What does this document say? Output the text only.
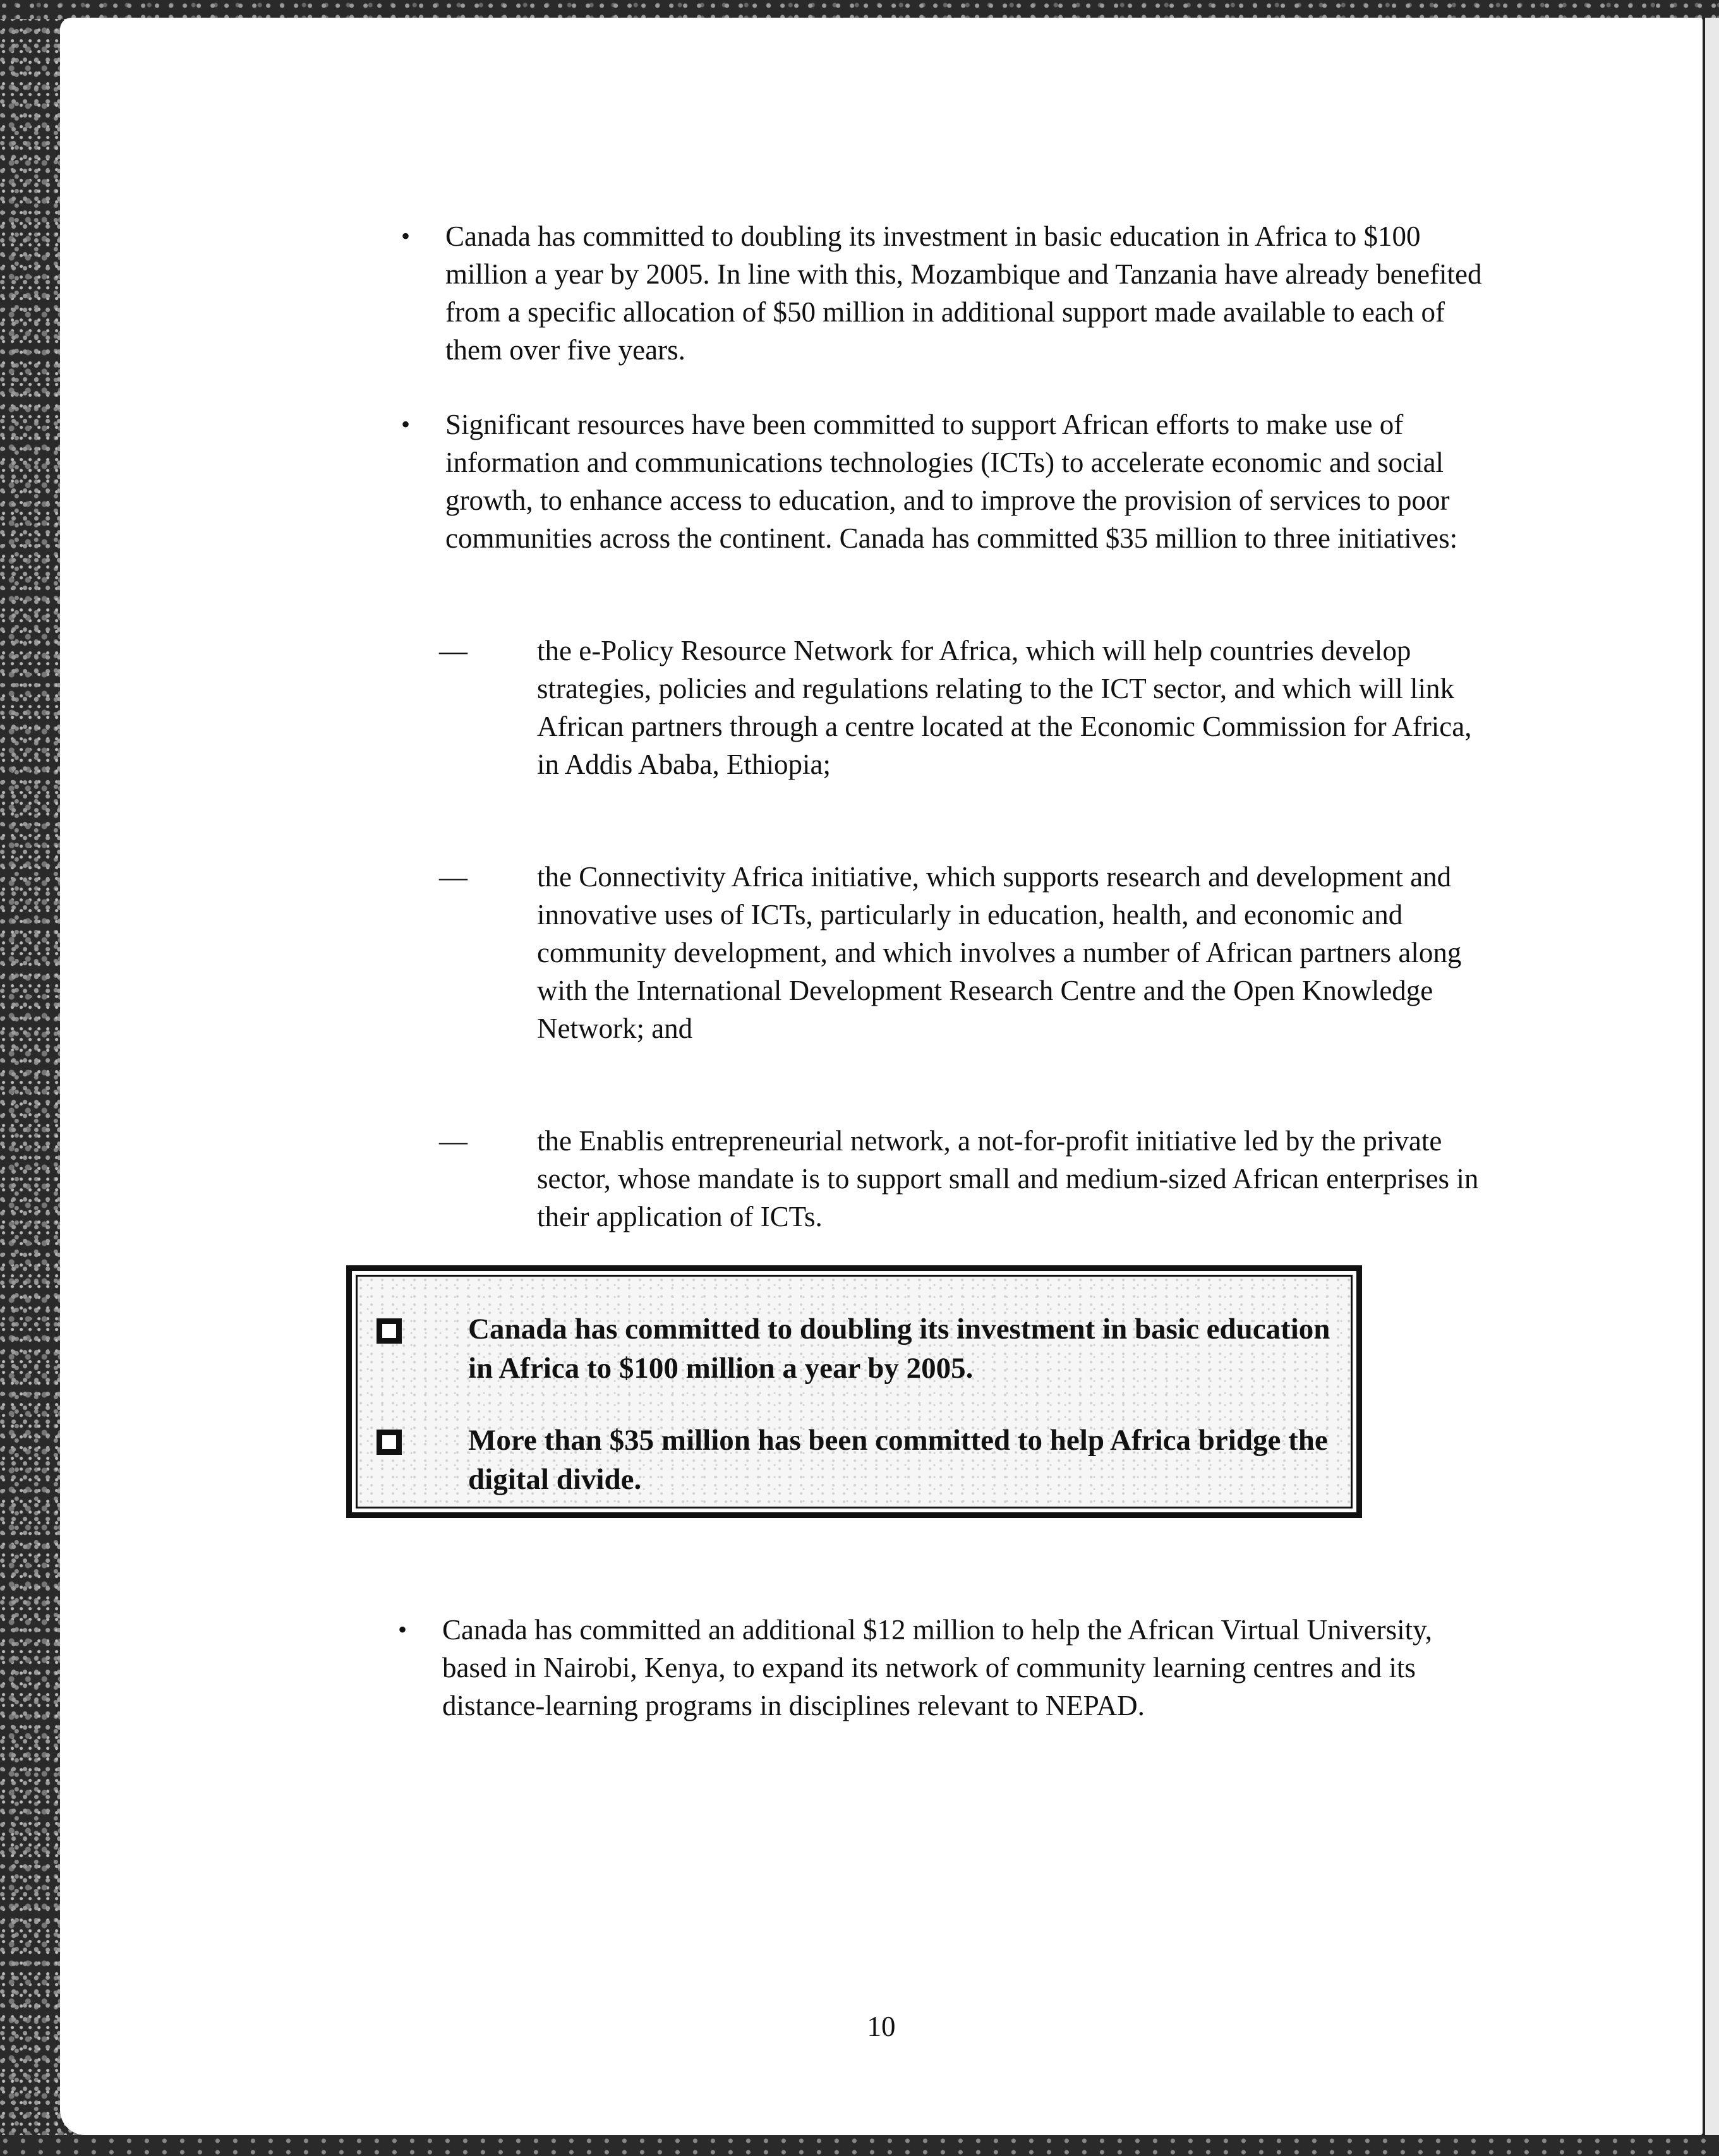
• Canada has committed to doubling its investment in basic education in Africa to $100 million a year by 2005. In line with this, Mozambique and Tanzania have already benefited from a specific allocation of $50 million in additional support made available to each of them over five years.

• Significant resources have been committed to support African efforts to make use of information and communications technologies (ICTs) to accelerate economic and social growth, to enhance access to education, and to improve the provision of services to poor communities across the continent. Canada has committed $35 million to three initiatives:

— the e-Policy Resource Network for Africa, which will help countries develop strategies, policies and regulations relating to the ICT sector, and which will link African partners through a centre located at the Economic Commission for Africa, in Addis Ababa, Ethiopia;

— the Connectivity Africa initiative, which supports research and development and innovative uses of ICTs, particularly in education, health, and economic and community development, and which involves a number of African partners along with the International Development Research Centre and the Open Knowledge Network; and

— the Enablis entrepreneurial network, a not-for-profit initiative led by the private sector, whose mandate is to support small and medium-sized African enterprises in their application of ICTs.

Canada has committed to doubling its investment in basic education in Africa to $100 million a year by 2005.

More than $35 million has been committed to help Africa bridge the digital divide.

• Canada has committed an additional $12 million to help the African Virtual University, based in Nairobi, Kenya, to expand its network of community learning centres and its distance-learning programs in disciplines relevant to NEPAD.

10
